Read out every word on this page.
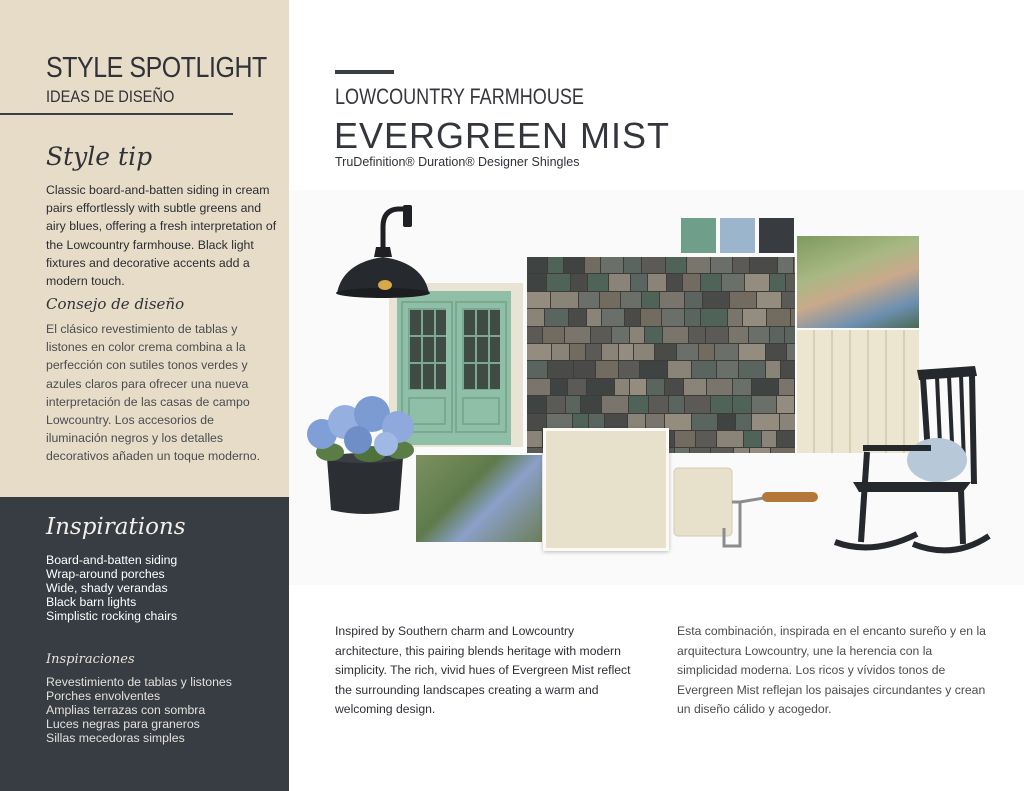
STYLE SPOTLIGHT
IDEAS DE DISEÑO
Style tip

Classic board-and-batten siding in cream pairs effortlessly with subtle greens and airy blues, offering a fresh interpretation of the Lowcountry farmhouse. Black light fixtures and decorative accents add a modern touch.

Consejo de diseño

El clásico revestimiento de tablas y listones en color crema combina a la perfección con sutiles tonos verdes y azules claros para ofrecer una nueva interpretación de las casas de campo Lowcountry. Los accesorios de iluminación negros y los detalles decorativos añaden un toque moderno.

Inspirations
Board-and-batten siding
Wrap-around porches
Wide, shady verandas
Black barn lights
Simplistic rocking chairs
Inspiraciones
Revestimiento de tablas y listones
Porches envolventes
Amplias terrazas con sombra
Luces negras para graneros
Sillas mecedoras simples
LOWCOUNTRY FARMHOUSE
EVERGREEN MIST
TruDefinition® Duration® Designer Shingles

Inspired by Southern charm and Lowcountry architecture, this pairing blends heritage with modern simplicity. The rich, vivid hues of Evergreen Mist reflect the surrounding landscapes creating a warm and welcoming design.

Esta combinación, inspirada en el encanto sureño y en la arquitectura Lowcountry, une la herencia con la simplicidad moderna. Los ricos y vívidos tonos de Evergreen Mist reflejan los paisajes circundantes y crean un diseño cálido y acogedor.
